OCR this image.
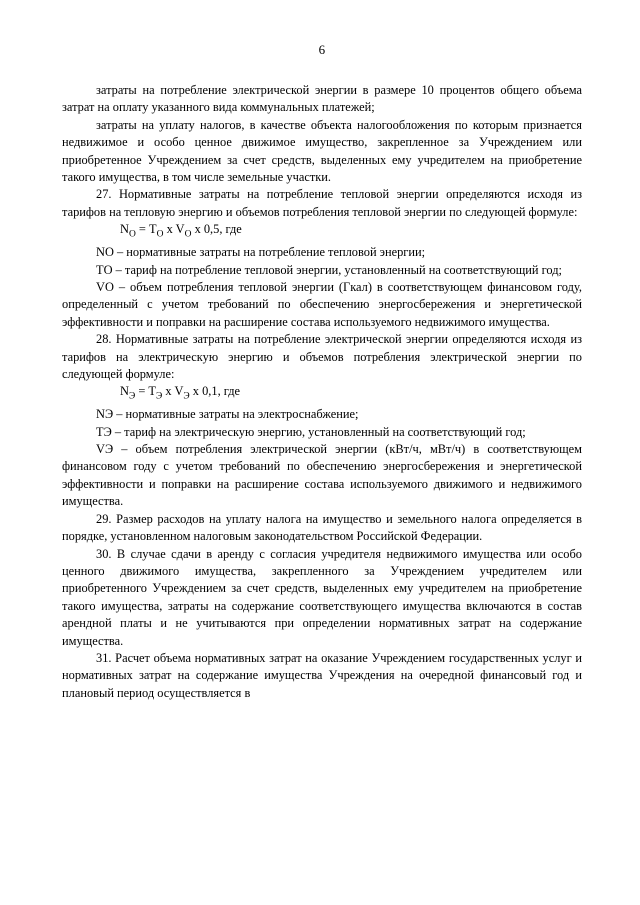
6

затраты на потребление электрической энергии в размере 10 процентов общего объема затрат на оплату указанного вида коммунальных платежей;

затраты на уплату налогов, в качестве объекта налогообложения по которым признается недвижимое и особо ценное движимое имущество, закрепленное за Учреждением или приобретенное Учреждением за счет средств, выделенных ему учредителем на приобретение такого имущества, в том числе земельные участки.

27. Нормативные затраты на потребление тепловой энергии определяются исходя из тарифов на тепловую энергию и объемов потребления тепловой энергии по следующей формуле:

$N_О = T_О$ x $V_О$ x 0,5, где

NО – нормативные затраты на потребление тепловой энергии;

TО – тариф на потребление тепловой энергии, установленный на соответствующий год;

VО – объем потребления тепловой энергии (Гкал) в соответствующем финансовом году, определенный с учетом требований по обеспечению энергосбережения и энергетической эффективности и поправки на расширение состава используемого недвижимого имущества.

28. Нормативные затраты на потребление электрической энергии определяются исходя из тарифов на электрическую энергию и объемов потребления электрической энергии по следующей формуле:

$N_Э = T_Э$ x $V_Э$ x 0,1, где

NЭ – нормативные затраты на электроснабжение;

TЭ – тариф на электрическую энергию, установленный на соответствующий год;

VЭ – объем потребления электрической энергии (кВт/ч, мВт/ч) в соответствующем финансовом году с учетом требований по обеспечению энергосбережения и энергетической эффективности и поправки на расширение состава используемого движимого и недвижимого имущества.

29. Размер расходов на уплату налога на имущество и земельного налога определяется в порядке, установленном налоговым законодательством Российской Федерации.

30. В случае сдачи в аренду с согласия учредителя недвижимого имущества или особо ценного движимого имущества, закрепленного за Учреждением учредителем или приобретенного Учреждением за счет средств, выделенных ему учредителем на приобретение такого имущества, затраты на содержание соответствующего имущества включаются в состав арендной платы и не учитываются при определении нормативных затрат на содержание имущества.

31. Расчет объема нормативных затрат на оказание Учреждением государственных услуг и нормативных затрат на содержание имущества Учреждения на очередной финансовый год и плановый период осуществляется в
